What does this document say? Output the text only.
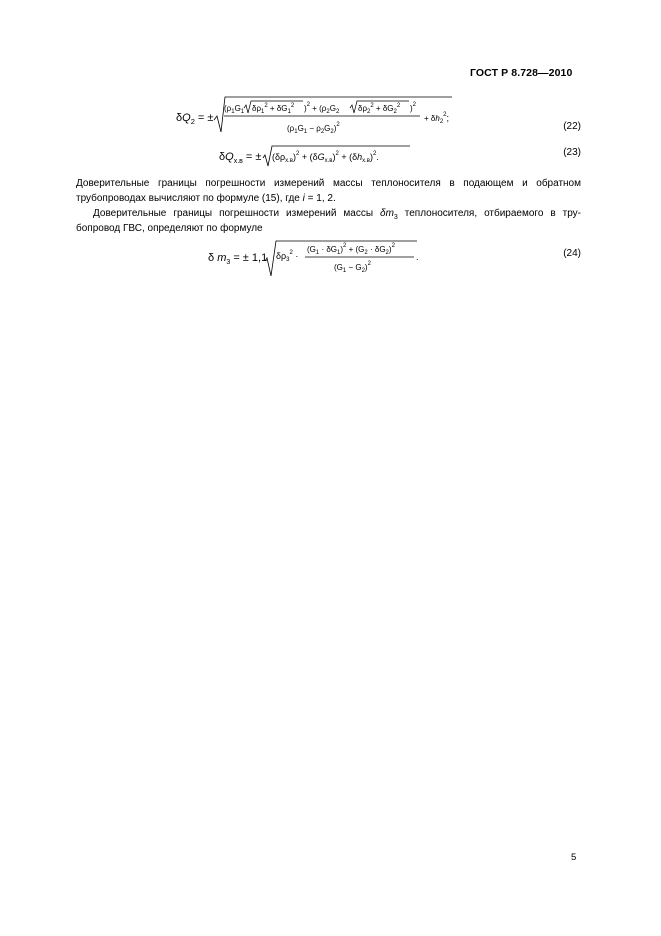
ГОСТ Р 8.728—2010
$\delta Q_2$ = ±
($\rho_1G_1$ $\delta\rho_1^2 + \delta G_1^2$ )$^2 + (\rho_2G_2$ $\delta\rho_2^2 + \delta G_2^2$ )$^2$
$(\rho_1G_1 - \rho_2G_2)^2$
+ $\delta h_2^2$;
$\delta Q_{х.в}$ = ± $(\delta\rho_{х.в})^2 + (\delta G_{х.в})^2 + (\delta h_{х.в})^2$.
(22)
(23)
Доверительные границы погрешности измерений массы теплоносителя в подающем и обратном
трубопроводах вычисляют по формуле (15), где i = 1, 2.
Доверительные границы погрешности измерений массы $\delta m_3$ теплоносителя, отбираемого в тру-
бопровод ГВС, определяют по формуле
δ $m_3$ = ± 1,1 $\delta\rho_3^2$ ·
$(G_1 \cdot \delta G_1)^2 + (G_2 \cdot \delta G_2)^2$
$(G_1 - G_2)^2$
.	(24)
5
